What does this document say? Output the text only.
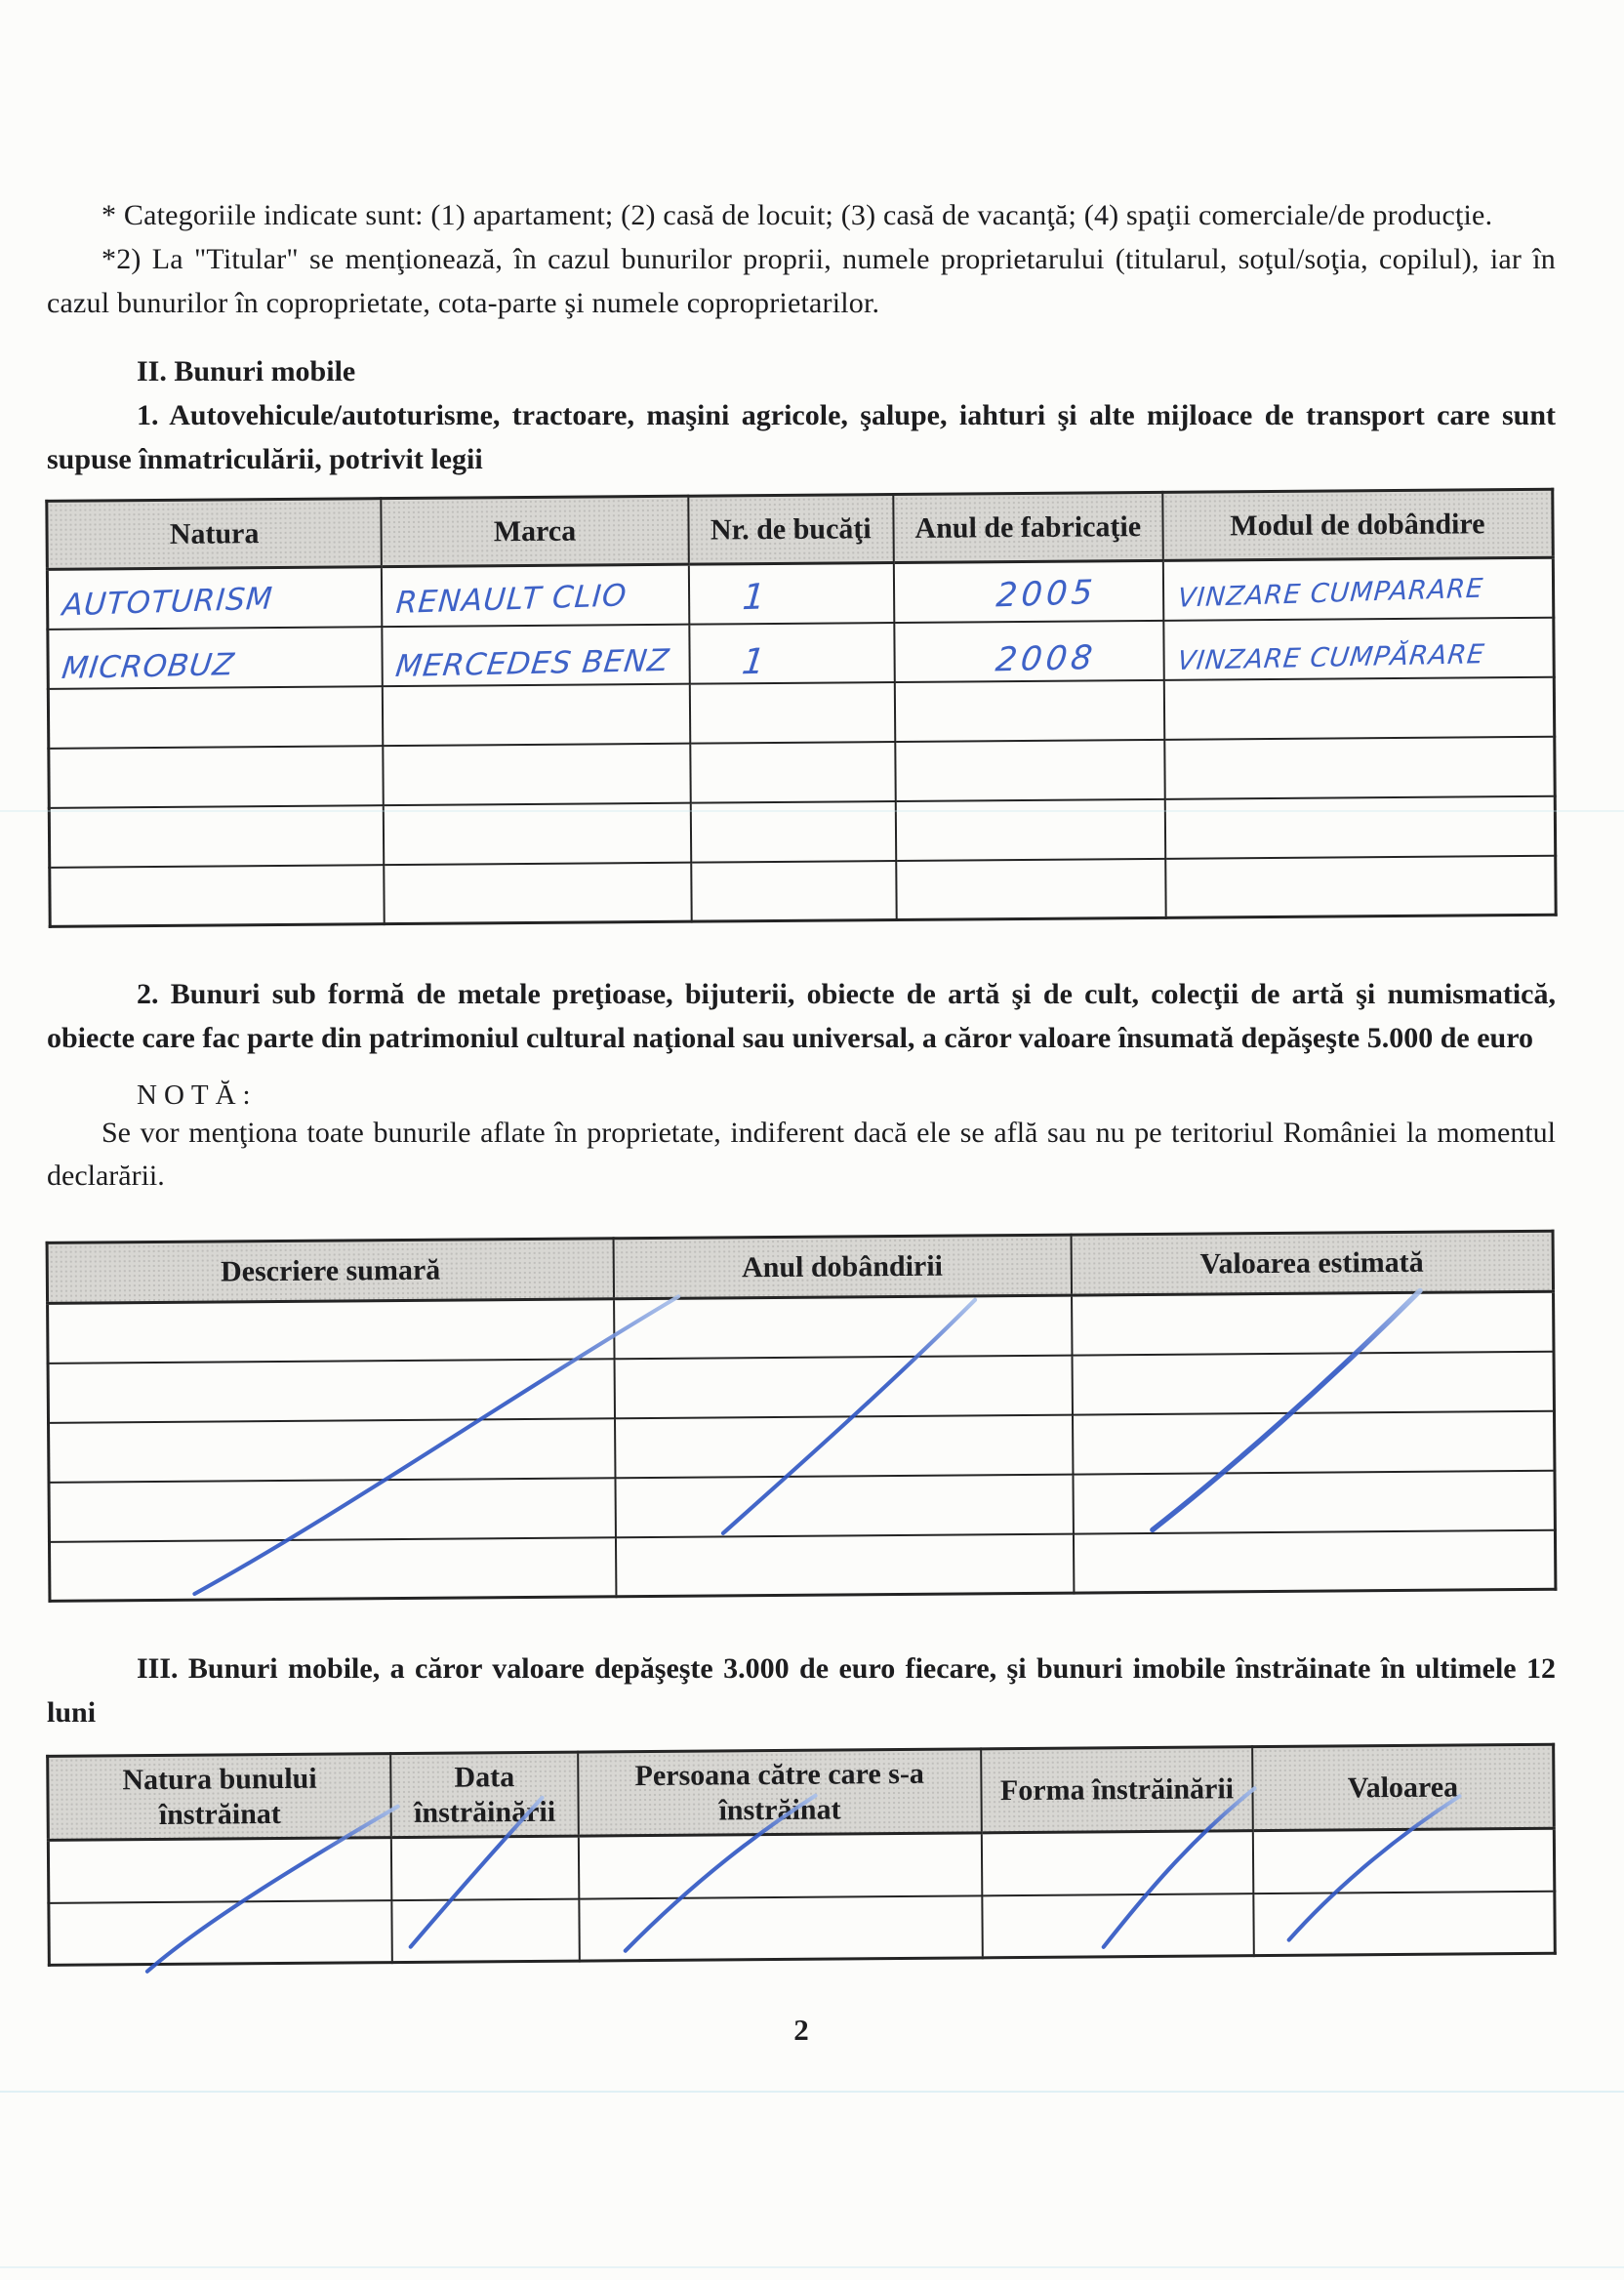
* Categoriile indicate sunt: (1) apartament; (2) casă de locuit; (3) casă de vacanţă; (4) spaţii comerciale/de producţie.

*2) La "Titular" se menţionează, în cazul bunurilor proprii, numele proprietarului (titularul, soţul/soţia, copilul), iar în cazul bunurilor în coproprietate, cota-parte şi numele coproprietarilor.

II. Bunuri mobile

1. Autovehicule/autoturisme, tractoare, maşini agricole, şalupe, iahturi şi alte mijloace de transport care sunt supuse înmatriculării, potrivit legii

Natura	Marca	Nr. de bucăţi	Anul de fabricaţie	Modul de dobândire
AUTOTURISM	RENAULT CLIO	1	2005	VINZARE CUMPARARE
MICROBUZ	MERCEDES BENZ	1	2008	VINZARE CUMPĂRARE

2. Bunuri sub formă de metale preţioase, bijuterii, obiecte de artă şi de cult, colecţii de artă şi numismatică, obiecte care fac parte din patrimoniul cultural naţional sau universal, a căror valoare însumată depăşeşte 5.000 de euro

NOTĂ:

Se vor menţiona toate bunurile aflate în proprietate, indiferent dacă ele se află sau nu pe teritoriul României la momentul declarării.

Descriere sumară	Anul dobândirii	Valoarea estimată

III. Bunuri mobile, a căror valoare depăşeşte 3.000 de euro fiecare, şi bunuri imobile înstrăinate în ultimele 12 luni

Natura bunului înstrăinat	Data înstrăinării	Persoana către care s-a înstrăinat	Forma înstrăinării	Valoarea

2
